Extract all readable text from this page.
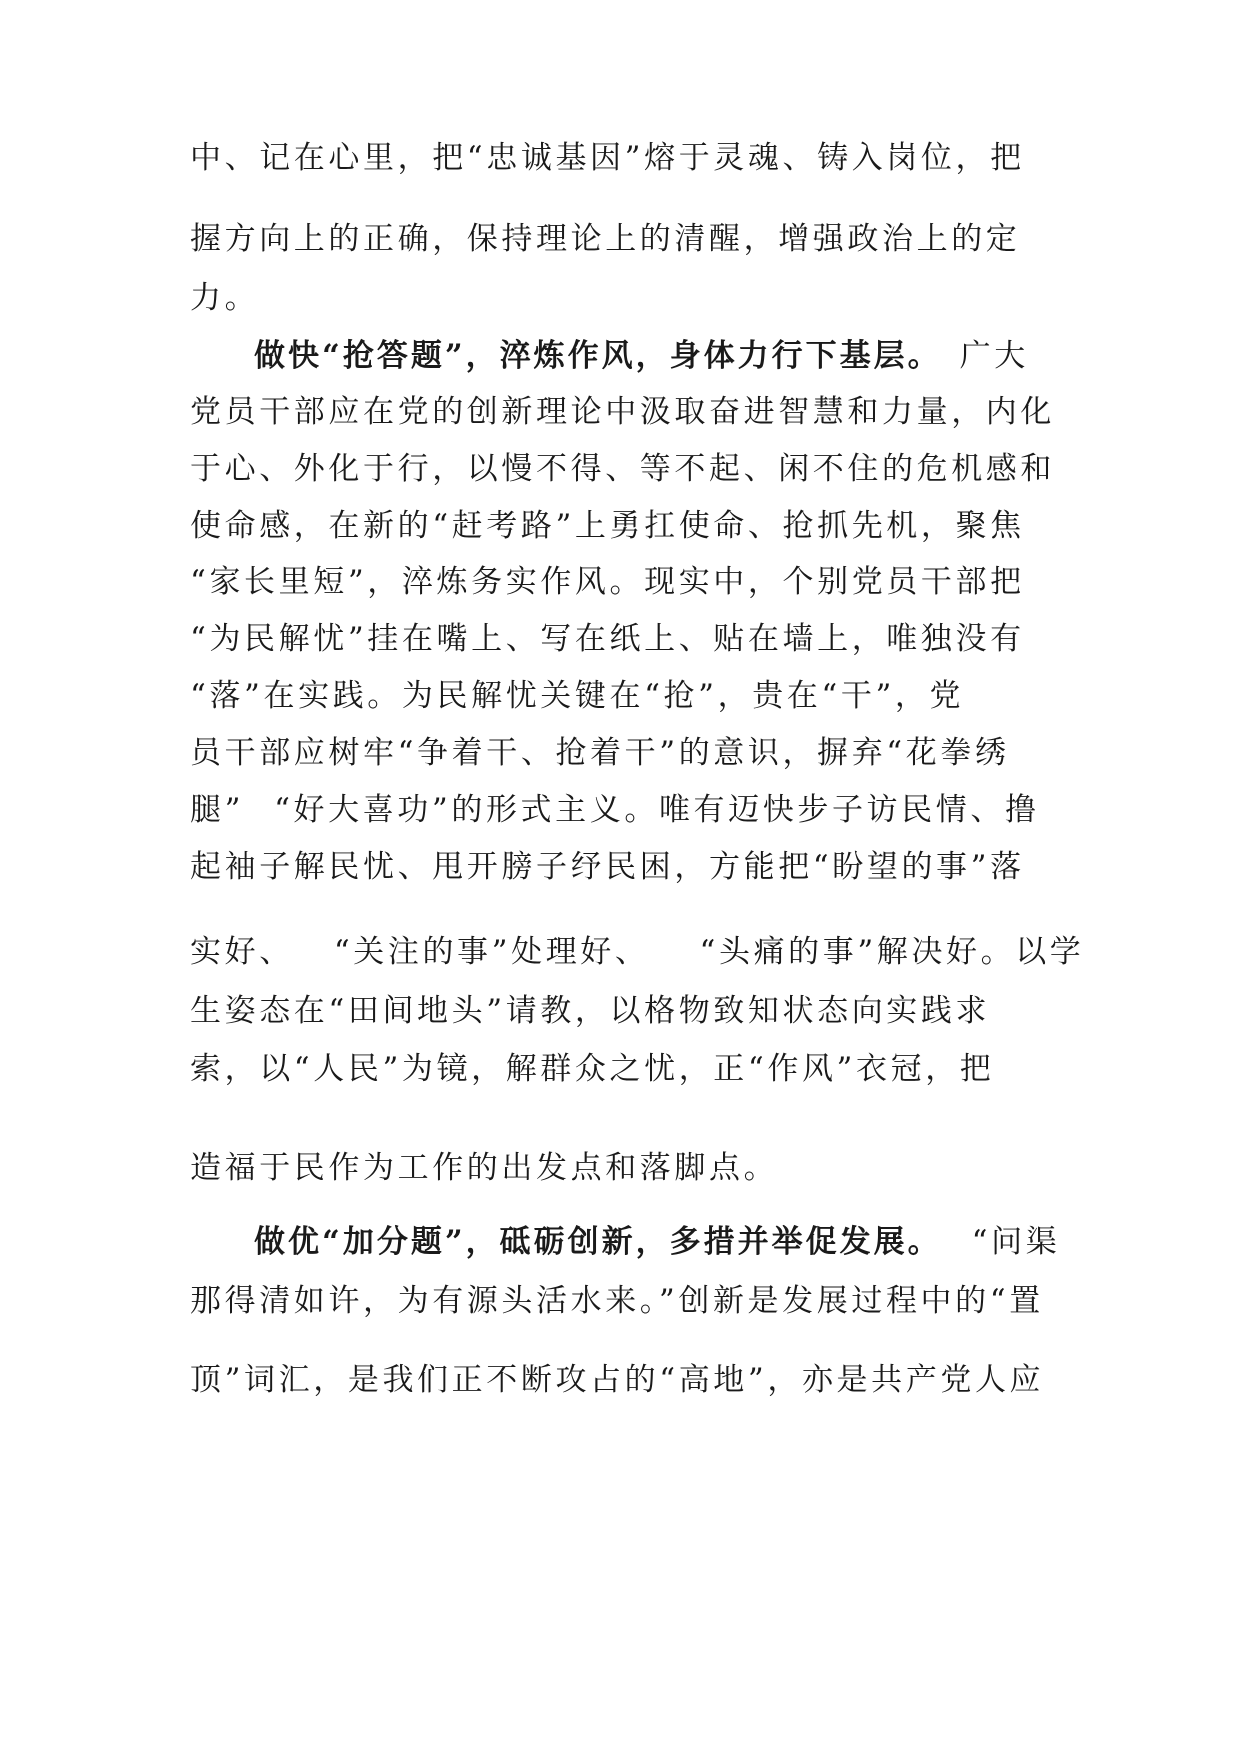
中、记在心里，把“忠诚基因”熔于灵魂、铸入岗位，把
握方向上的正确，保持理论上的清醒，增强政治上的定
力。
做快“抢答题”，淬炼作风，身体力行下基层。 广大
党员干部应在党的创新理论中汲取奋进智慧和力量，内化
于心、外化于行，以慢不得、等不起、闲不住的危机感和
使命感，在新的“赶考路”上勇扛使命、抢抓先机，聚焦
“家长里短”，淬炼务实作风。现实中，个别党员干部把
“为民解忧”挂在嘴上、写在纸上、贴在墙上，唯独没有
“落”在实践。为民解忧关键在“抢”，贵在“干”，党
员干部应树牢“争着干、抢着干”的意识，摒弃“花拳绣
腿” “好大喜功”的形式主义。唯有迈快步子访民情、撸
起袖子解民忧、甩开膀子纾民困，方能把“盼望的事”落
实好、 “关注的事”处理好、 “头痛的事”解决好。以学
生姿态在“田间地头”请教，以格物致知状态向实践求
索，以“人民”为镜，解群众之忧，正“作风”衣冠，把
造福于民作为工作的出发点和落脚点。
做优“加分题”，砥砺创新，多措并举促发展。 “问渠
那得清如许，为有源头活水来。”创新是发展过程中的“置
顶”词汇，是我们正不断攻占的“高地”，亦是共产党人应
